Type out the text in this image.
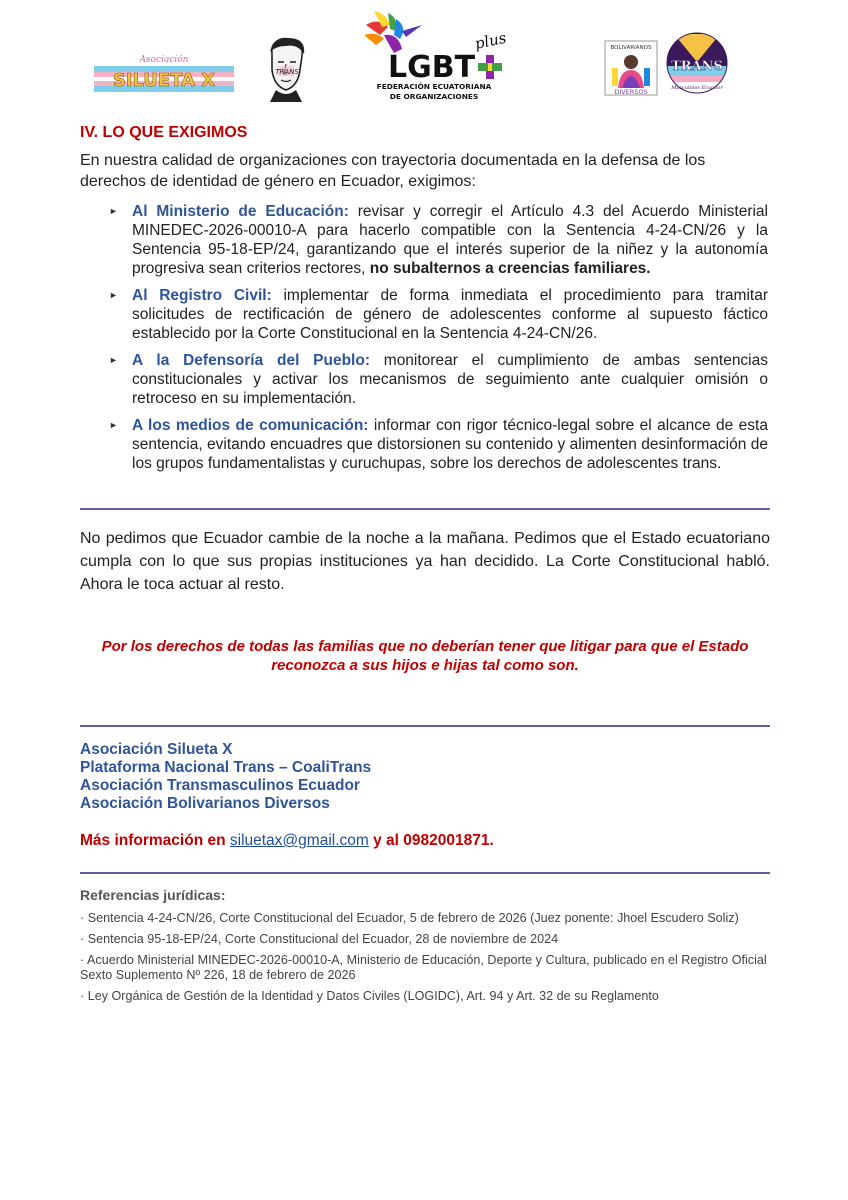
Asociación
SILUETA X	TRANS	LGBT
plus
FEDERACIÓN ECUATORIANA
DE ORGANIZACIONES
BOLIVARIANOS
DIVERSOS
TRANS
Masculinos Ecuador
IV. LO QUE EXIGIMOS

En nuestra calidad de organizaciones con trayectoria documentada en la defensa de los derechos de identidad de género en Ecuador, exigimos:

► Al Ministerio de Educación: revisar y corregir el Artículo 4.3 del Acuerdo Ministerial MINEDEC-2026-00010-A para hacerlo compatible con la Sentencia 4-24-CN/26 y la Sentencia 95-18-EP/24, garantizando que el interés superior de la niñez y la autonomía progresiva sean criterios rectores, no subalternos a creencias familiares.
► Al Registro Civil: implementar de forma inmediata el procedimiento para tramitar solicitudes de rectificación de género de adolescentes conforme al supuesto fáctico establecido por la Corte Constitucional en la Sentencia 4-24-CN/26.
► A la Defensoría del Pueblo: monitorear el cumplimiento de ambas sentencias constitucionales y activar los mecanismos de seguimiento ante cualquier omisión o retroceso en su implementación.
► A los medios de comunicación: informar con rigor técnico-legal sobre el alcance de esta sentencia, evitando encuadres que distorsionen su contenido y alimenten desinformación de los grupos fundamentalistas y curuchupas, sobre los derechos de adolescentes trans.

No pedimos que Ecuador cambie de la noche a la mañana. Pedimos que el Estado ecuatoriano cumpla con lo que sus propias instituciones ya han decidido. La Corte Constitucional habló. Ahora le toca actuar al resto.

Por los derechos de todas las familias que no deberían tener que litigar para que el Estado
reconozca a sus hijos e hijas tal como son.

Asociación Silueta X
Plataforma Nacional Trans – CoaliTrans
Asociación Transmasculinos Ecuador
Asociación Bolivarianos Diversos
Más información en siluetax@gmail.com y al 0982001871.

Referencias jurídicas:

· Sentencia 4-24-CN/26, Corte Constitucional del Ecuador, 5 de febrero de 2026 (Juez ponente: Jhoel Escudero Soliz)

· Sentencia 95-18-EP/24, Corte Constitucional del Ecuador, 28 de noviembre de 2024

· Acuerdo Ministerial MINEDEC-2026-00010-A, Ministerio de Educación, Deporte y Cultura, publicado en el Registro Oficial Sexto Suplemento Nº 226, 18 de febrero de 2026

· Ley Orgánica de Gestión de la Identidad y Datos Civiles (LOGIDC), Art. 94 y Art. 32 de su Reglamento
